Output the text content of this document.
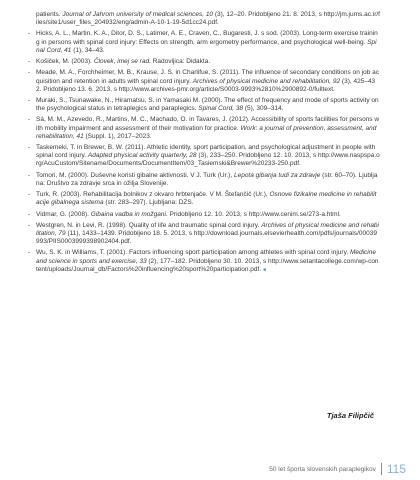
patients. Journal of Jahrom university of medical sciences, 10 (3), 12–20. Pridobljeno 21. 8. 2013, s http://jm.jums.ac.ir/files/site1/user_files_204932/eng/admin-A-10-1-19-5d1cc24.pdf.
- Hicks, A. L., Martin, K. A., Ditor, D. S., Latimer, A. E., Craven, C., Bugaresti, J. s sod. (2003). Long-term exercise training in persons with spinal cord injury: Effects on strength, arm ergometry performance, and psychological well-being. Spinal Cord, 41 (1), 34–43.
- Košiček, M. (2003). Človek, imej se rad. Radovljica: Didakta.
- Meade, M. A., Forchheimer, M. B., Krause, J. S. in Charlifue, S. (2011). The influence of secondary conditions on job acquisition and retention in adults with spinal cord injury. Archives of physical medicine and rehabilitation, 92 (3), 425–432. Pridobljeno 13. 6. 2013, s http://www.archives-pmr.org/article/S0003-9993%2810%2900892-0/fulltext.
- Muraki, S., Tsunawake, N., Hiramatsu, S. in Yamasaki M. (2000). The effect of frequency and mode of sports activity on the psychological status in tetraplegics and paraplegics. Spinal Cord, 38 (5), 309–314.
- Sá, M. M., Azevedo, R., Martins, M. C., Machado, O. in Tavares, J. (2012). Accessibility of sports facilities for persons with mobility impairment and assessment of their motivation for practice. Work: a journal of prevention, assessment, and rehabilitation, 41 (Suppl. 1), 2017–2023.
- Taskemeki, T. in Brewer, B. W. (2011). Athletic identity, sport participation, and psychological adjustment in people with spinal cord injury. Adapted physical activity quarterly, 28 (3), 233–250. Pridobljeno 12. 10. 2013, s http://www.naspspa.org/AcuCustom/Sitename/Documents/DocumentItem/03_Tasiemski&Brewer%20233-250.pdf.
- Tomori, M. (2000). Duševne koristi gibalne aktivnosti. V J. Turk (Ur.), Lepota gibanja tudi za zdravje (str. 60–70). Ljubljana: Društvo za zdravje srca in ožilja Slovenije.
- Turk, R. (2003). Rehabilitacija bolnikov z okvaro hrbtenjače. V M. Štefančič (Ur.), Osnove fizikalne medicine in rehabilitacije gibalnega sistema (str. 283–297). Ljubljana: DZS.
- Vidmar, G. (2008). Gibaina vadba in možgani. Pridobljeno 12. 10. 2013, s http://www.cenim.se/273-a.html.
- Westgren, N. in Levi, R. (1998). Quality of life and traumatic spinal cord injury. Archives of physical medicine and rehabilitation, 79 (11), 1433–1439. Pridobljeno 18. 5. 2013, s http://download.journals.elsevierhealth.com/pdfs/journals/00039993/PIIS0003999398902404.pdf.
- Wu, S. K. in Williams, T. (2001). Factors influencing sport participation among athletes with spinal cord injury. Medicine and science in sports and exercise, 33 (2), 177–182. Pridobljeno 30. 10. 2013, s http://www.setantacollege.com/wp-content/uploads/Journal_db/Factors%20influencing%20sport%20participation.pdf. ■
Tjaša Filipčič
50 let športa slovenskih paraplegikov 115
